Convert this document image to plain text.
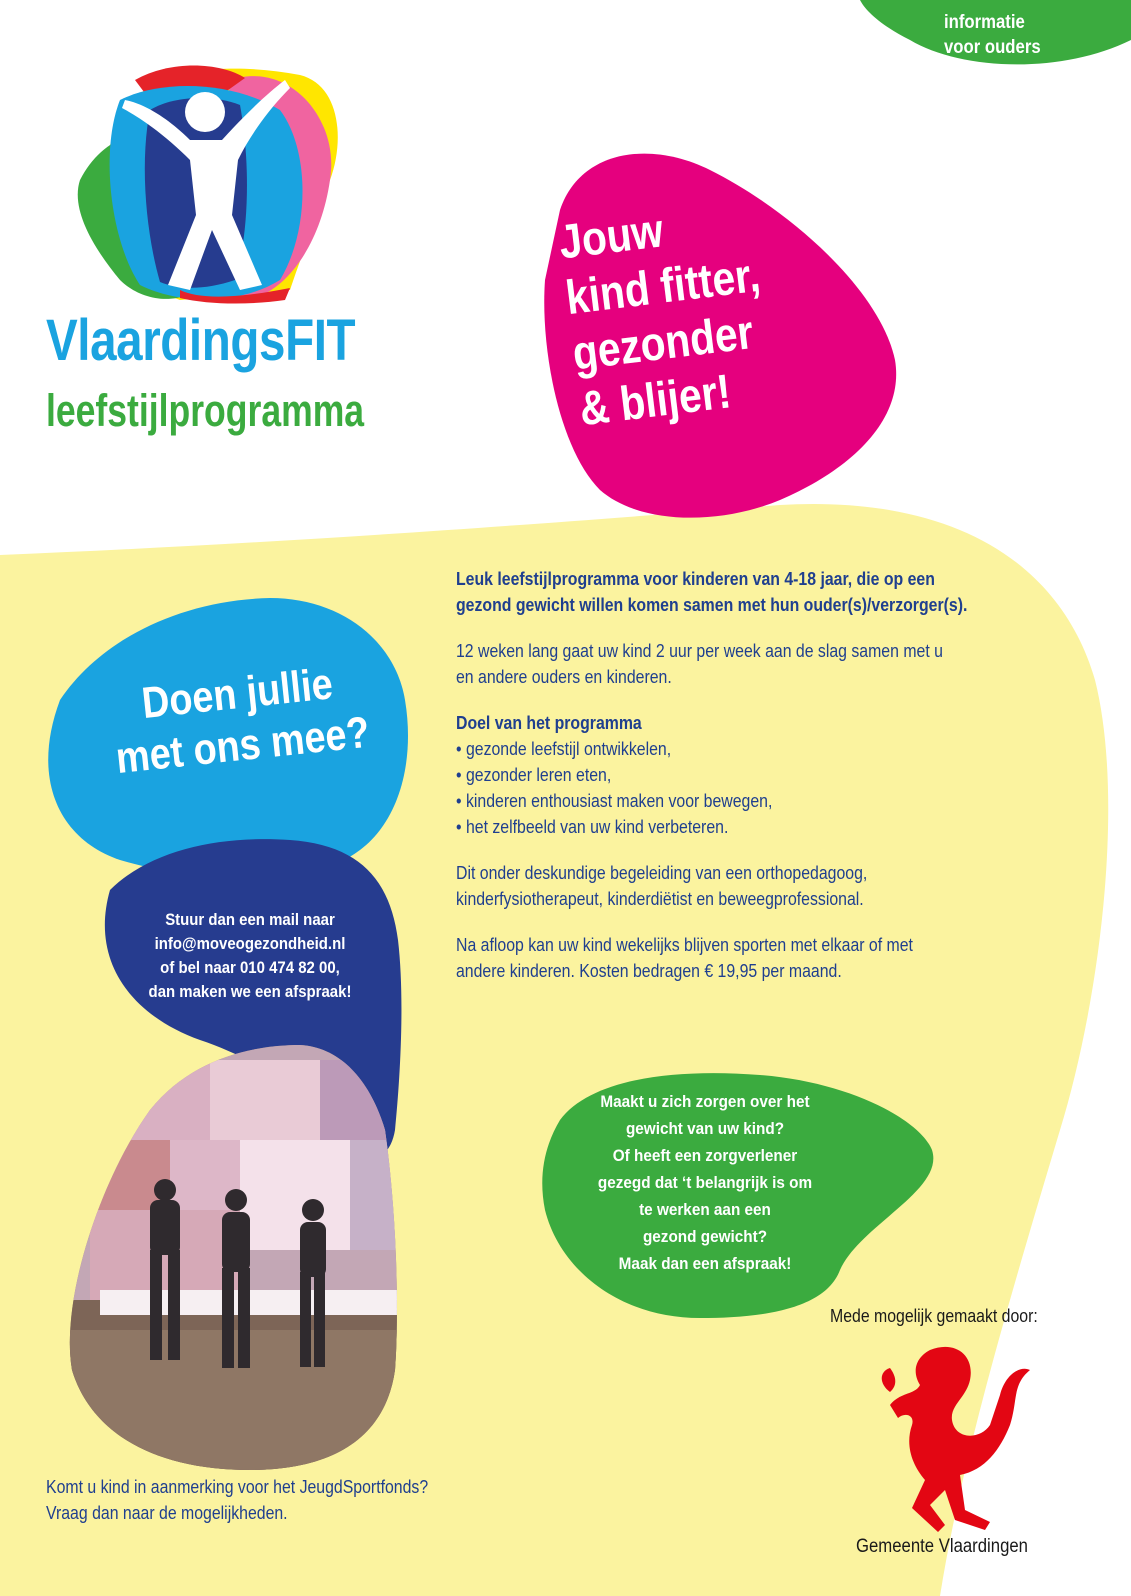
informatie
voor ouders
VlaardingsFIT
leefstijlprogramma
Jouw
kind fitter,
gezonder
& blijer!
Doen jullie
met ons mee?
Stuur dan een mail naar
info@moveogezondheid.nl
of bel naar 010 474 82 00,
dan maken we een afspraak!

Leuk leefstijlprogramma voor kinderen van 4-18 jaar, die op een
gezond gewicht willen komen samen met hun ouder(s)/verzorger(s).

12 weken lang gaat uw kind 2 uur per week aan de slag samen met u
en andere ouders en kinderen.

Doel van het programma
• gezonde leefstijl ontwikkelen,
• gezonder leren eten,
• kinderen enthousiast maken voor bewegen,
• het zelfbeeld van uw kind verbeteren.

Dit onder deskundige begeleiding van een orthopedagoog,
kinderfysiotherapeut, kinderdiëtist en beweegprofessional.

Na afloop kan uw kind wekelijks blijven sporten met elkaar of met
andere kinderen. Kosten bedragen € 19,95 per maand.

Maakt u zich zorgen over het
gewicht van uw kind?
Of heeft een zorgverlener
gezegd dat ‘t belangrijk is om
te werken aan een
gezond gewicht?
Maak dan een afspraak!
Mede mogelijk gemaakt door:
Gemeente Vlaardingen
Komt u kind in aanmerking voor het JeugdSportfonds?
Vraag dan naar de mogelijkheden.
